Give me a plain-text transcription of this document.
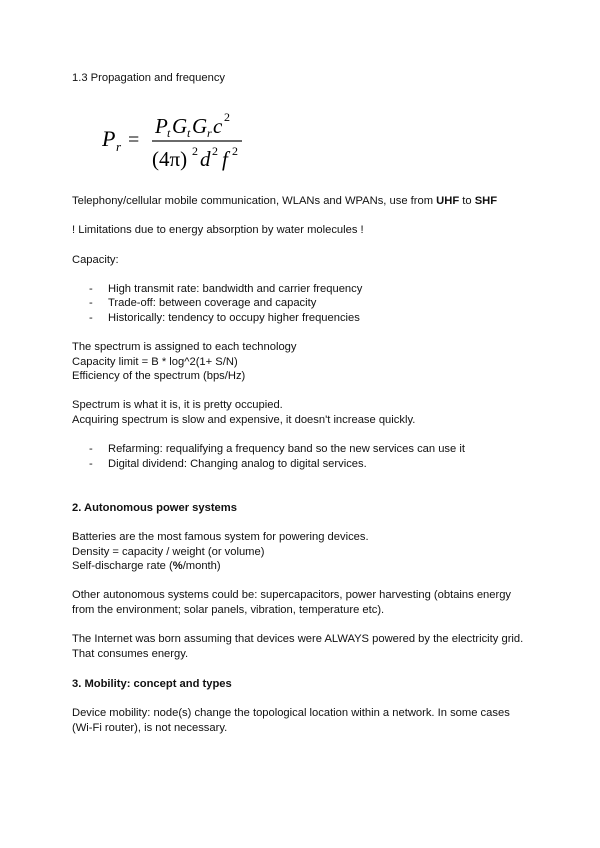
1.3 Propagation and frequency
P r =
P t G t G r c 2
(4π) 2 d 2 f 2
Telephony/cellular mobile communication, WLANs and WPANs, use from UHF to SHF
! Limitations due to energy absorption by water molecules !
Capacity:
- High transmit rate: bandwidth and carrier frequency
- Trade-off: between coverage and capacity
- Historically: tendency to occupy higher frequencies
The spectrum is assigned to each technology
Capacity limit = B * log^2(1+ S/N)
Efficiency of the spectrum (bps/Hz)
Spectrum is what it is, it is pretty occupied.
Acquiring spectrum is slow and expensive, it doesn't increase quickly.
- Refarming: requalifying a frequency band so the new services can use it
- Digital dividend: Changing analog to digital services.
2. Autonomous power systems
Batteries are the most famous system for powering devices.
Density = capacity / weight (or volume)
Self-discharge rate (%/month)
Other autonomous systems could be: supercapacitors, power harvesting (obtains energy
from the environment; solar panels, vibration, temperature etc).
The Internet was born assuming that devices were ALWAYS powered by the electricity grid.
That consumes energy.
3. Mobility: concept and types
Device mobility: node(s) change the topological location within a network. In some cases
(Wi-Fi router), is not necessary.
